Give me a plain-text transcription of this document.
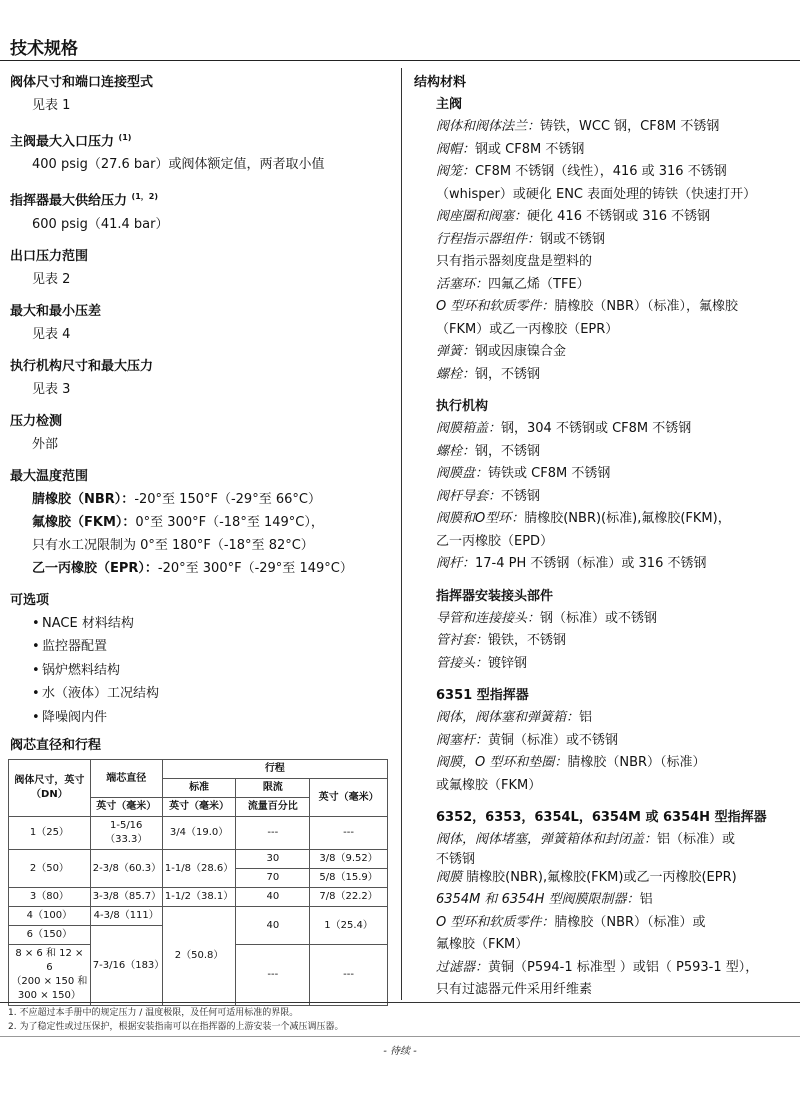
技术规格
阀体尺寸和端口连接型式
见表 1
主阀最大入口压力 $^{(1)}$
400 psig（27.6 bar）或阀体额定值，两者取小值
指挥器最大供给压力 $^{(1,2)}$
600 psig（41.4 bar）
出口压力范围
见表 2
最大和最小压差
见表 4
执行机构尺寸和最大压力
见表 3
压力检测
外部
最大温度范围
腈橡胶（NBR）：-20°至 150°F（-29°至 66°C）
氟橡胶（FKM）：0°至 300°F（-18°至 149°C），
只有水工况限制为 0°至 180°F（-18°至 82°C）
乙一丙橡胶（EPR）：-20°至 300°F（-29°至 149°C）
可选项
• NACE 材料结构
• 监控器配置
• 锅炉燃料结构
• 水（液体）工况结构
• 降噪阀内件
阀芯直径和行程
阀体尺寸，英寸（DN）	端芯直径	行程		
		标准	限流	英寸（毫米）
	英寸（毫米）	英寸（毫米）	流量百分比	
1（25）	1-5/16（33.3）	3/4（19.0）	---	---
2（50）	2-3/8（60.3）	1-1/8（28.6）	30	3/8（9.52）
			70	5/8（15.9）
3（80）	3-3/8（85.7）	1-1/2（38.1）	40	7/8（22.2）
4（100）	4-3/8（111）	2（50.8）	40	1（25.4）
6（150）	7-3/16（183）			
8 × 6 和 12 × 6
（200 × 150 和
300 × 150）			---	---
结构材料
主阀
阀体和阀体法兰：铸铁，WCC 钢，CF8M 不锈钢
阀帽：钢或 CF8M 不锈钢
阀笼：CF8M 不锈钢（线性），416 或 316 不锈钢
（whisper）或硬化 ENC 表面处理的铸铁（快速打开）
阀座圈和阀塞：硬化 416 不锈钢或 316 不锈钢
行程指示器组件：钢或不锈钢
只有指示器刻度盘是塑料的
活塞环：四氟乙烯（TFE）
O 型环和软质零件：腈橡胶（NBR）（标准），氟橡胶
（FKM）或乙一丙橡胶（EPR）
弹簧：钢或因康镍合金
螺栓：钢，不锈钢
执行机构
阀膜箱盖：钢，304 不锈钢或 CF8M 不锈钢
螺栓：钢，不锈钢
阀膜盘：铸铁或 CF8M 不锈钢
阀杆导套：不锈钢
阀膜和O型环：腈橡胶(NBR)(标准),氟橡胶(FKM)，
乙一丙橡胶（EPD）
阀杆：17-4 PH 不锈钢（标准）或 316 不锈钢
指挥器安装接头部件
导管和连接接头：钢（标准）或不锈钢
管衬套：锻铁，不锈钢
管接头：镀锌钢
6351 型指挥器
阀体，阀体塞和弹簧箱：铝
阀塞杆：黄铜（标准）或不锈钢
阀膜，O 型环和垫圈：腈橡胶（NBR）（标准）
或氟橡胶（FKM）
6352，6353，6354L，6354M 或 6354H 型指挥器
阀体，阀体堵塞，弹簧箱体和封闭盖：铝（标准）或
不锈钢
阀膜 腈橡胶(NBR),氟橡胶(FKM)或乙一丙橡胶(EPR)
6354M 和 6354H 型阀膜限制器：铝
O 型环和软质零件：腈橡胶（NBR）（标准）或
氟橡胶（FKM）
过滤器：黄铜（P594-1 标准型 ）或铝（ P593-1 型），
只有过滤器元件采用纤维素
1. 不应超过本手册中的规定压力 / 温度极限，及任何可适用标准的界限。
2. 为了稳定性或过压保护，根据安装指南可以在指挥器的上游安装一个减压调压器。
- 待续 -
